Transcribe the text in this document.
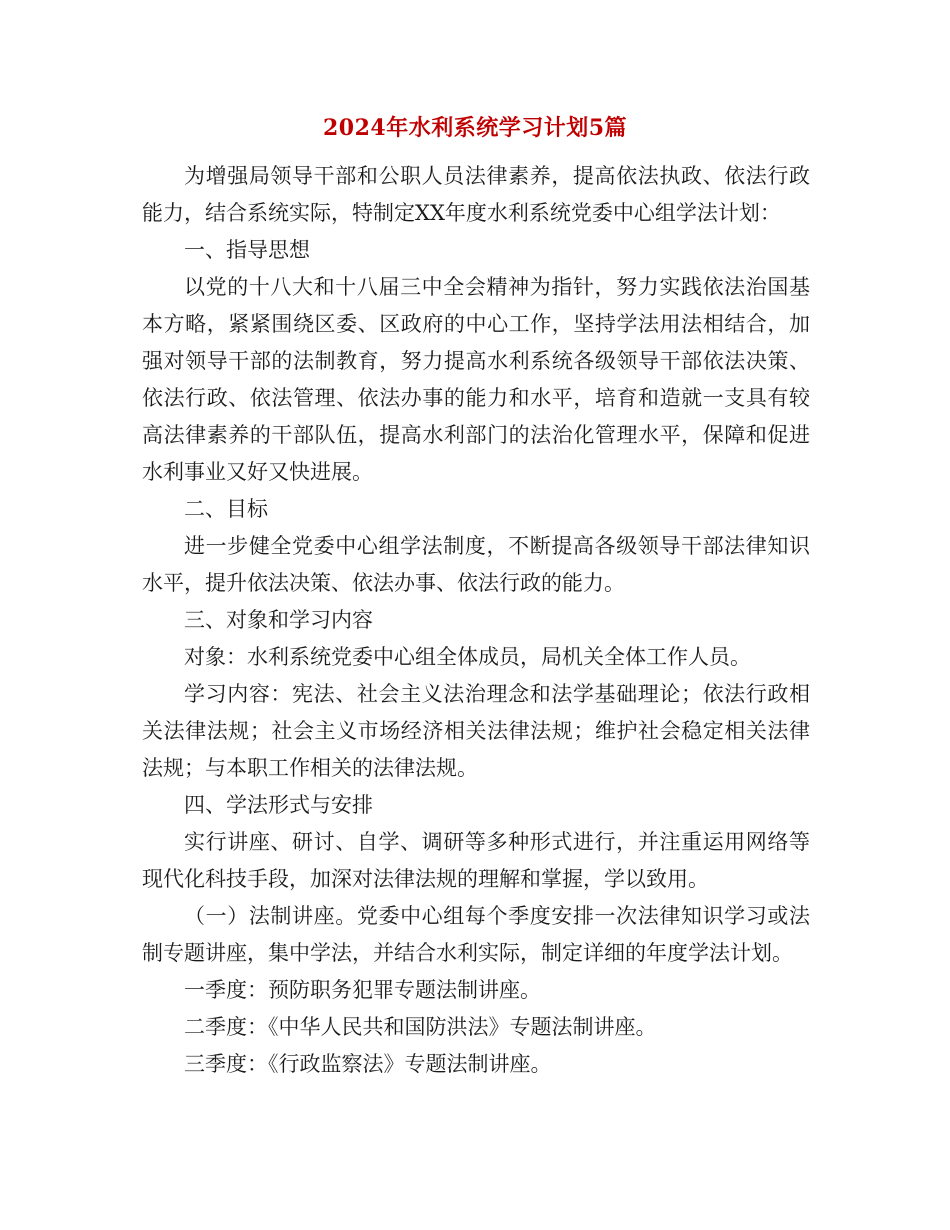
2024年水利系统学习计划5篇

为增强局领导干部和公职人员法律素养，提高依法执政、依法行政能力，结合系统实际，特制定XX年度水利系统党委中心组学法计划：

一、指导思想

以党的十八大和十八届三中全会精神为指针，努力实践依法治国基本方略，紧紧围绕区委、区政府的中心工作，坚持学法用法相结合，加强对领导干部的法制教育，努力提高水利系统各级领导干部依法决策、依法行政、依法管理、依法办事的能力和水平，培育和造就一支具有较高法律素养的干部队伍，提高水利部门的法治化管理水平，保障和促进水利事业又好又快进展。

二、目标

进一步健全党委中心组学法制度，不断提高各级领导干部法律知识水平，提升依法决策、依法办事、依法行政的能力。

三、对象和学习内容

对象：水利系统党委中心组全体成员，局机关全体工作人员。

学习内容：宪法、社会主义法治理念和法学基础理论；依法行政相关法律法规；社会主义市场经济相关法律法规；维护社会稳定相关法律法规；与本职工作相关的法律法规。

四、学法形式与安排

实行讲座、研讨、自学、调研等多种形式进行，并注重运用网络等现代化科技手段，加深对法律法规的理解和掌握，学以致用。

（一）法制讲座。党委中心组每个季度安排一次法律知识学习或法制专题讲座，集中学法，并结合水利实际，制定详细的年度学法计划。

一季度：预防职务犯罪专题法制讲座。

二季度：《中华人民共和国防洪法》专题法制讲座。

三季度：《行政监察法》专题法制讲座。
